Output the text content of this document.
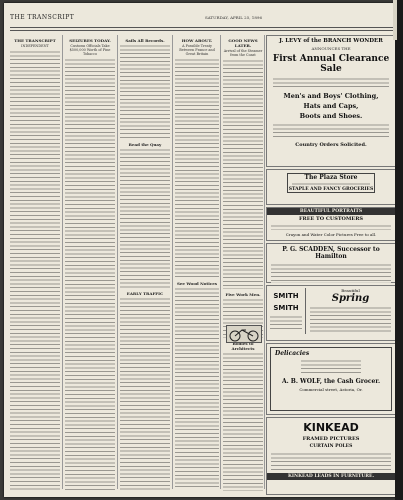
THE TRANSCRIPT	SATURDAY, APRIL 25, 1896
THE TRANSCRIPT
INDEPENDENT
SEIZURES TODAY.
Customs Officials Take $500,000 Worth of Fine Tobacco
Sails All Records.
Read the Quay
EARLY TRAFFIC
HOW ABOUT.
A Possible Treaty Between France and Great Britain
See Wood Notices
GOOD NEWS LATER.
Arrival of the Steamer from the Coast
Five Work Men.
Architects
J. LEVY of the BRANCH WONDER
ANNOUNCES THE
First Annual Clearance Sale
Men's and Boys' Clothing,
Hats and Caps,
Boots and Shoes.
Country Orders Solicited.
The Plaza Store
STAPLE AND FANCY GROCERIES
BEAUTIFUL PORTRAITS
FREE TO CUSTOMERS
Crayon and Water Color Pictures Free to all.
P. G. SCADDEN, Successor to Hamilton
SMITH
SMITH
Beautiful
Spring
Delicacies
A. B. WOLF, the Cash Grocer.
Commercial street, Astoria, Or.
KINKEAD
FRAMED PICTURES
CURTAIN POLES
KINKEAD LEADS IN FURNITURE.
